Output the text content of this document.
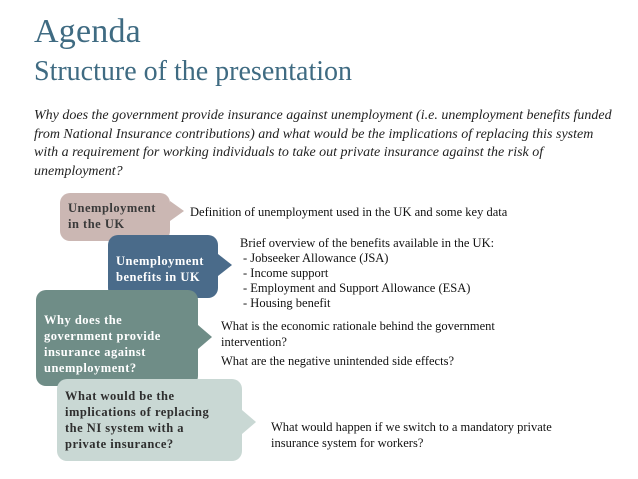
Agenda
Structure of the presentation

Why does the government provide insurance against unemployment (i.e. unemployment benefits funded from National Insurance contributions) and what would be the implications of replacing this system with a requirement for working individuals to take out private insurance against the risk of unemployment?

Unemployment
in the UK
Definition of unemployment used in the UK and some key data
Unemployment
benefits in UK
Brief overview of the benefits available in the UK:
- Jobseeker Allowance (JSA)
- Income support
- Employment and Support Allowance (ESA)
- Housing benefit
Why does the
government provide
insurance against
unemployment?
What is the economic rationale behind the government
intervention?
What are the negative unintended side effects?
What would be the
implications of replacing
the NI system with a
private insurance?
What would happen if we switch to a mandatory private
insurance system for workers?
